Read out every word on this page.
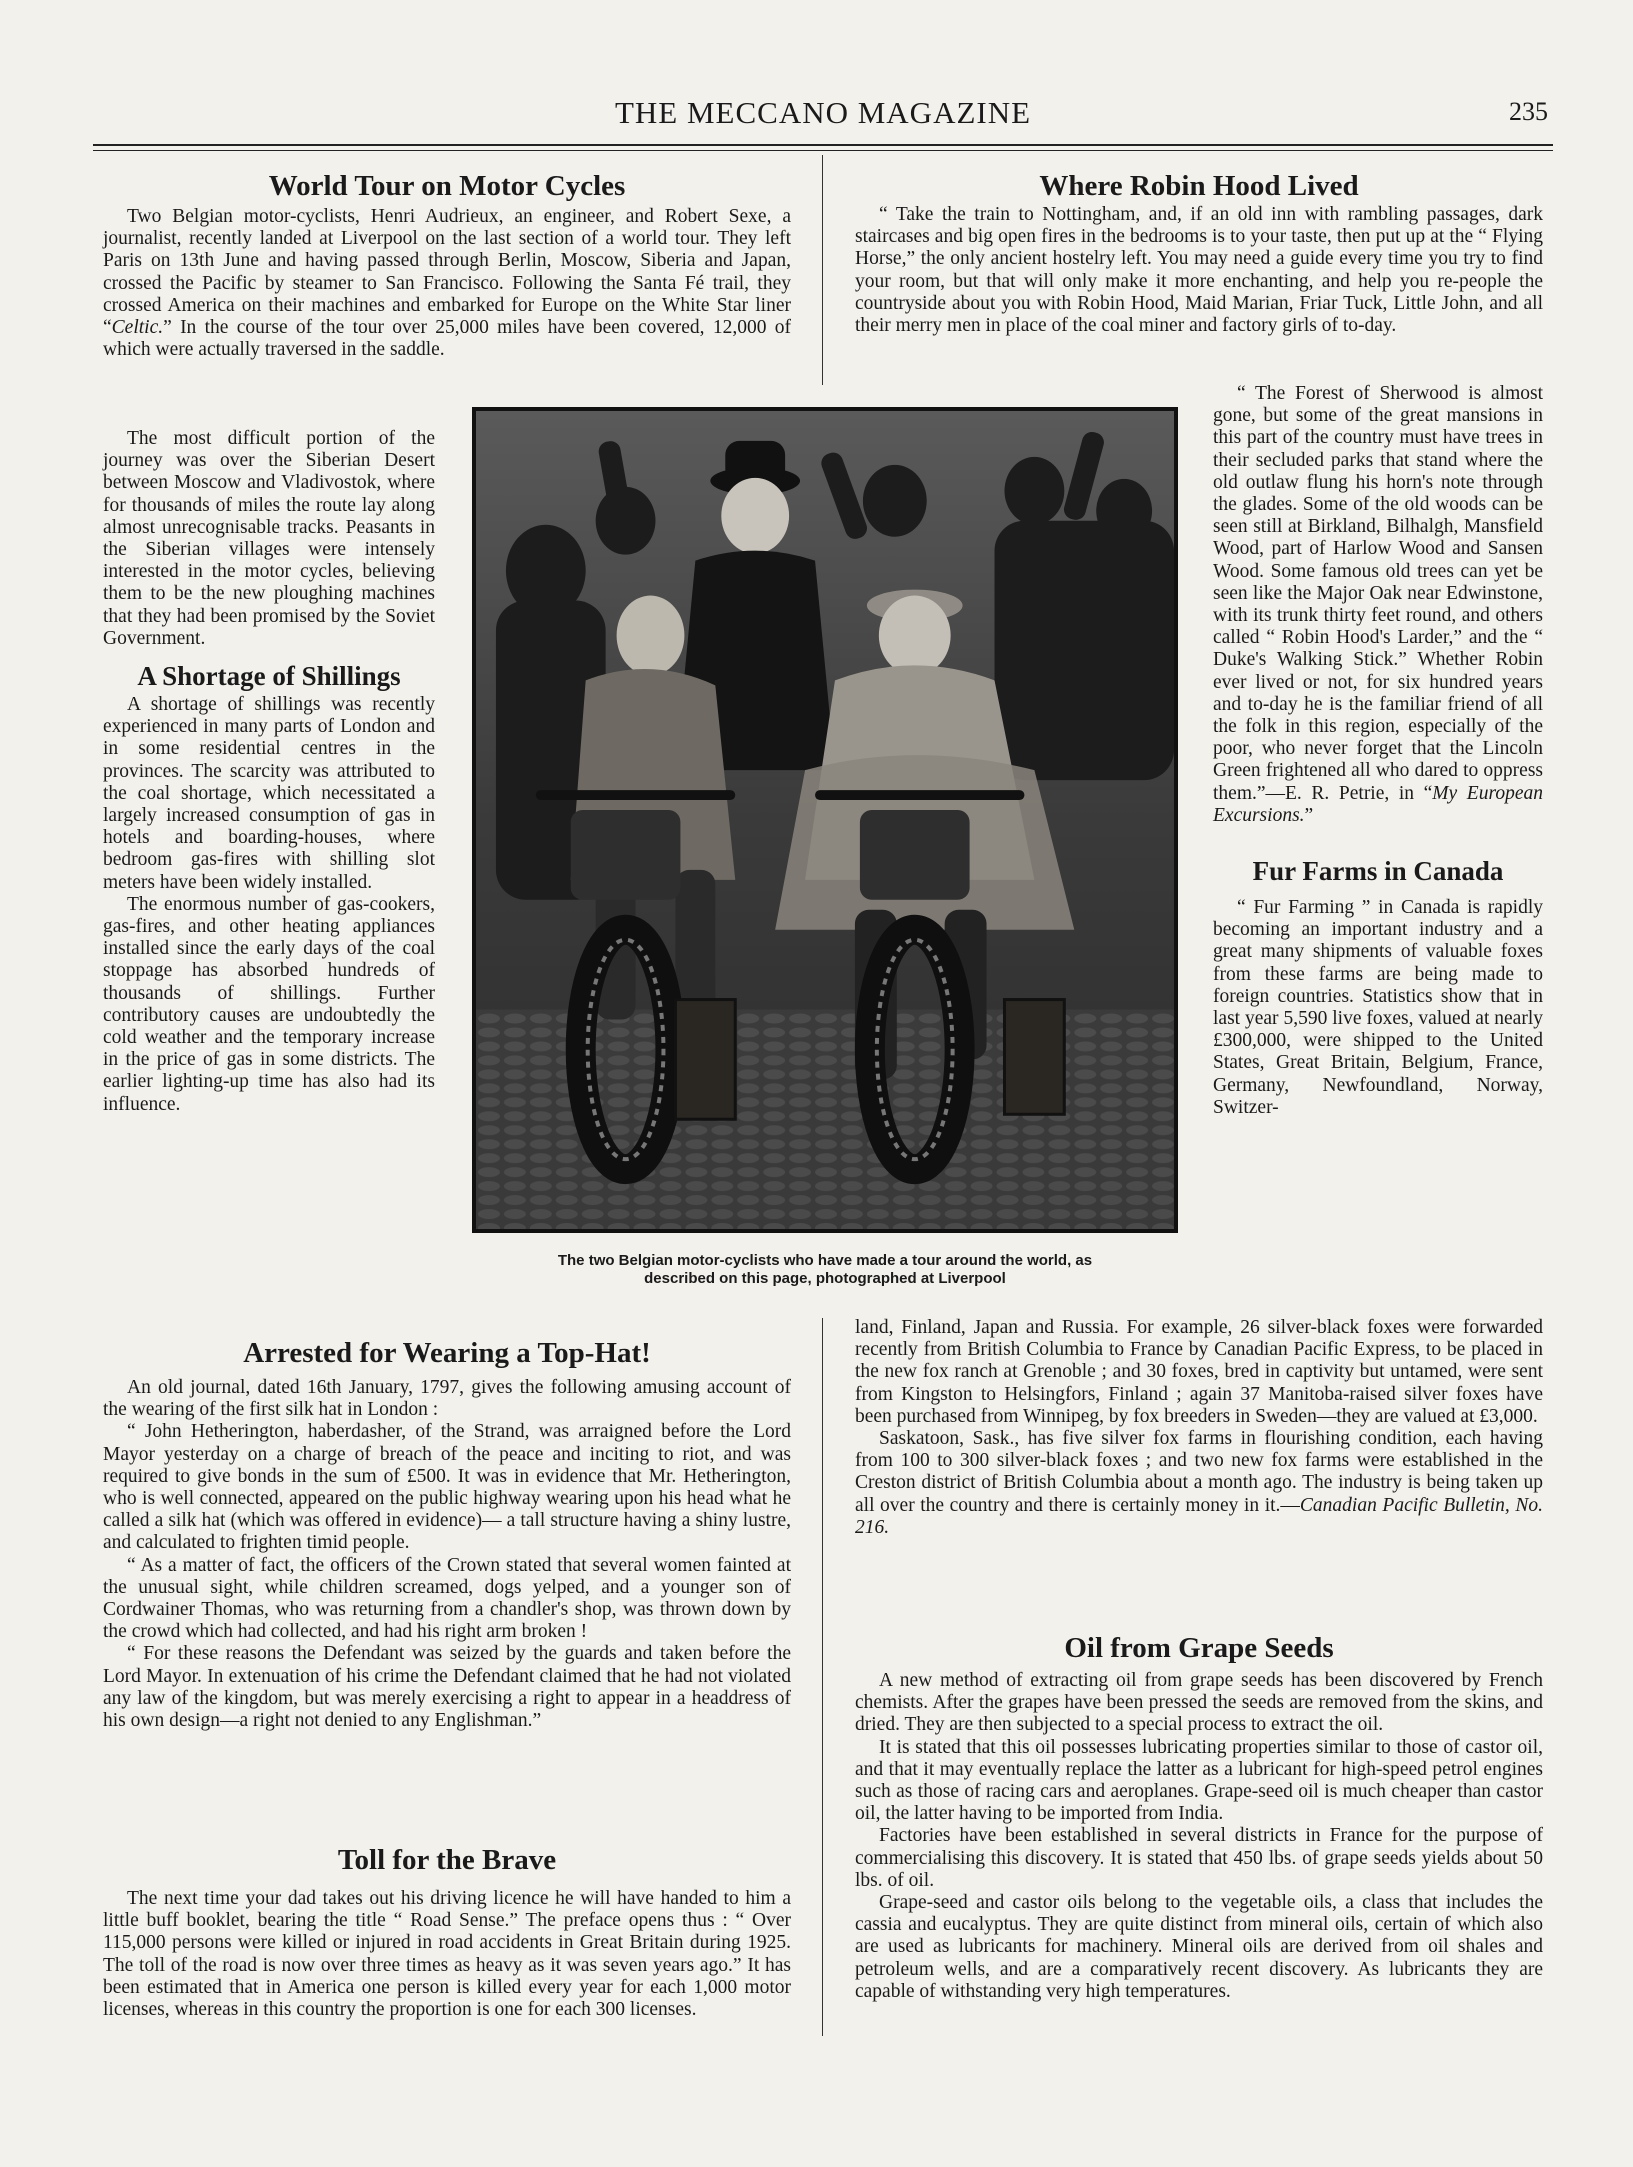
THE MECCANO MAGAZINE	235
World Tour on Motor Cycles

Two Belgian motor-cyclists, Henri Audrieux, an engineer, and Robert Sexe, a journalist, recently landed at Liverpool on the last section of a world tour. They left Paris on 13th June and having passed through Berlin, Moscow, Siberia and Japan, crossed the Pacific by steamer to San Francisco. Following the Santa Fé trail, they crossed America on their machines and embarked for Europe on the White Star liner “Celtic.” In the course of the tour over 25,000 miles have been covered, 12,000 of which were actually traversed in the saddle.

The most difficult portion of the journey was over the Siberian Desert between Moscow and Vladivostok, where for thousands of miles the route lay along almost unrecognisable tracks. Peasants in the Siberian villages were intensely interested in the motor cycles, believing them to be the new ploughing machines that they had been promised by the Soviet Government.

A Shortage of Shillings

A shortage of shillings was recently experienced in many parts of London and in some residential centres in the provinces. The scarcity was attributed to the coal shortage, which necessitated a largely increased consumption of gas in hotels and boarding-houses, where bedroom gas-fires with shilling slot meters have been widely installed.

The enormous number of gas-cookers, gas-fires, and other heating appliances installed since the early days of the coal stoppage has absorbed hundreds of thousands of shillings. Further contributory causes are undoubtedly the cold weather and the temporary increase in the price of gas in some districts. The earlier lighting-up time has also had its influence.

Arrested for Wearing a Top-Hat!

An old journal, dated 16th January, 1797, gives the following amusing account of the wearing of the first silk hat in London :

“ John Hetherington, haberdasher, of the Strand, was arraigned before the Lord Mayor yesterday on a charge of breach of the peace and inciting to riot, and was required to give bonds in the sum of £500. It was in evidence that Mr. Hetherington, who is well connected, appeared on the public highway wearing upon his head what he called a silk hat (which was offered in evidence)— a tall structure having a shiny lustre, and calculated to frighten timid people.

“ As a matter of fact, the officers of the Crown stated that several women fainted at the unusual sight, while children screamed, dogs yelped, and a younger son of Cordwainer Thomas, who was returning from a chandler's shop, was thrown down by the crowd which had collected, and had his right arm broken !

“ For these reasons the Defendant was seized by the guards and taken before the Lord Mayor. In extenuation of his crime the Defendant claimed that he had not violated any law of the kingdom, but was merely exercising a right to appear in a headdress of his own design—a right not denied to any Englishman.”

Toll for the Brave

The next time your dad takes out his driving licence he will have handed to him a little buff booklet, bearing the title “ Road Sense.” The preface opens thus : “ Over 115,000 persons were killed or injured in road accidents in Great Britain during 1925. The toll of the road is now over three times as heavy as it was seven years ago.” It has been estimated that in America one person is killed every year for each 1,000 motor licenses, whereas in this country the proportion is one for each 300 licenses.

Where Robin Hood Lived

“ Take the train to Nottingham, and, if an old inn with rambling passages, dark staircases and big open fires in the bedrooms is to your taste, then put up at the “ Flying Horse,” the only ancient hostelry left. You may need a guide every time you try to find your room, but that will only make it more enchanting, and help you re-people the countryside about you with Robin Hood, Maid Marian, Friar Tuck, Little John, and all their merry men in place of the coal miner and factory girls of to-day.

“ The Forest of Sherwood is almost gone, but some of the great mansions in this part of the country must have trees in their secluded parks that stand where the old outlaw flung his horn's note through the glades. Some of the old woods can be seen still at Birkland, Bilhalgh, Mansfield Wood, part of Harlow Wood and Sansen Wood. Some famous old trees can yet be seen like the Major Oak near Edwinstone, with its trunk thirty feet round, and others called “ Robin Hood's Larder,” and the “ Duke's Walking Stick.” Whether Robin ever lived or not, for six hundred years and to-day he is the familiar friend of all the folk in this region, especially of the poor, who never forget that the Lincoln Green frightened all who dared to oppress them.”—E. R. Petrie, in “My European Excursions.”

Fur Farms in Canada

“ Fur Farming ” in Canada is rapidly becoming an important industry and a great many shipments of valuable foxes from these farms are being made to foreign countries. Statistics show that in last year 5,590 live foxes, valued at nearly £300,000, were shipped to the United States, Great Britain, Belgium, France, Germany, Newfoundland, Norway, Switzer-

land, Finland, Japan and Russia. For example, 26 silver-black foxes were forwarded recently from British Columbia to France by Canadian Pacific Express, to be placed in the new fox ranch at Grenoble ; and 30 foxes, bred in captivity but untamed, were sent from Kingston to Helsingfors, Finland ; again 37 Manitoba-raised silver foxes have been purchased from Winnipeg, by fox breeders in Sweden—they are valued at £3,000.

Saskatoon, Sask., has five silver fox farms in flourishing condition, each having from 100 to 300 silver-black foxes ; and two new fox farms were established in the Creston district of British Columbia about a month ago. The industry is being taken up all over the country and there is certainly money in it.—Canadian Pacific Bulletin, No. 216.

Oil from Grape Seeds

A new method of extracting oil from grape seeds has been discovered by French chemists. After the grapes have been pressed the seeds are removed from the skins, and dried. They are then subjected to a special process to extract the oil.

It is stated that this oil possesses lubricating properties similar to those of castor oil, and that it may eventually replace the latter as a lubricant for high-speed petrol engines such as those of racing cars and aeroplanes. Grape-seed oil is much cheaper than castor oil, the latter having to be imported from India.

Factories have been established in several districts in France for the purpose of commercialising this discovery. It is stated that 450 lbs. of grape seeds yields about 50 lbs. of oil.

Grape-seed and castor oils belong to the vegetable oils, a class that includes the cassia and eucalyptus. They are quite distinct from mineral oils, certain of which also are used as lubricants for machinery. Mineral oils are derived from oil shales and petroleum wells, and are a comparatively recent discovery. As lubricants they are capable of withstanding very high temperatures.

The two Belgian motor-cyclists who have made a tour around the world, as
described on this page, photographed at Liverpool
